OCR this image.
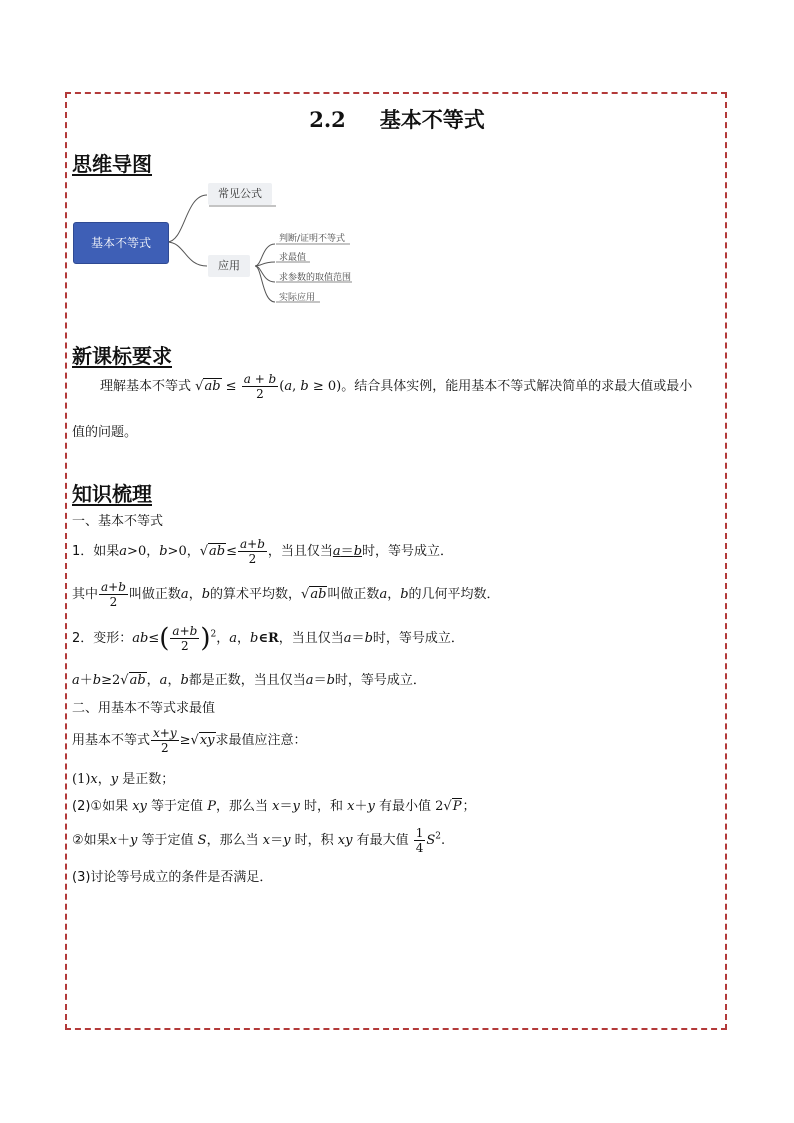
2.2 基本不等式
思维导图
基本不等式
常见公式
应用
判断/证明不等式
求最值
求参数的取值范围
实际应用
新课标要求
理解基本不等式 $√ab \le \frac{a + b}{2} (a$, b ≥ 0)。结合具体实例，能用基本不等式解决简单的求最大值或最小
值的问题。
知识梳理
一、基本不等式
1．如果a>0，b>0，$√ab\le \frac{a+b}{2}$ ，当且仅当a＝b时，等号成立．
其中 $\frac{a+b}{2}$ 叫做正数a，b的算术平均数，√ab叫做正数a，b的几何平均数．
2．变形：$ab\le( \frac{a+b}{2} )^2$，a，b∈R，当且仅当a＝b时，等号成立．
a＋b≥2√ab，a，b都是正数，当且仅当a＝b时，等号成立．
二、用基本不等式求最值
用基本不等式 $\frac{x+y}{2} \ge√xy$求最值应注意：
(1)x，y 是正数；
(2)①如果 xy 等于定值 P，那么当 x＝y 时，和 x＋y 有最小值 2√P；
②如果x＋y 等于定值 S，那么当 x＝y 时，积 xy 有最大值 $\frac{1}{4} S^2$.
(3)讨论等号成立的条件是否满足．
